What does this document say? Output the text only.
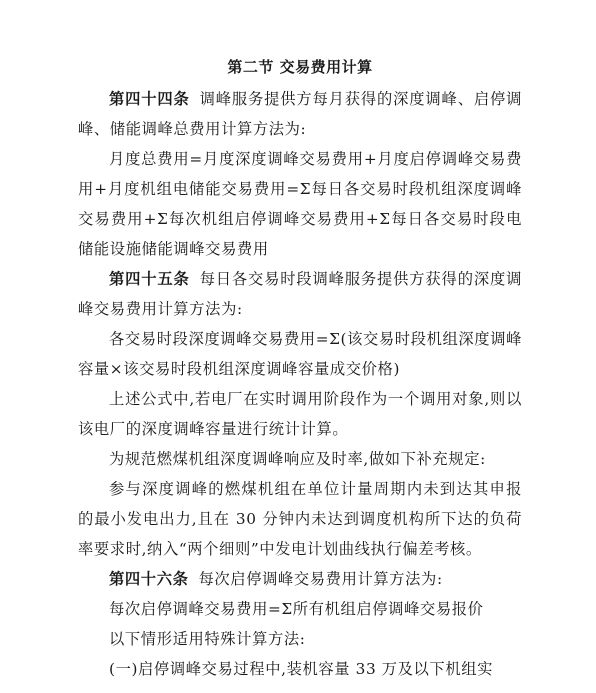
第二节 交易费用计算

第四十四条 调峰服务提供方每月获得的深度调峰、启停调峰、储能调峰总费用计算方法为:

月度总费用=月度深度调峰交易费用+月度启停调峰交易费用+月度机组电储能交易费用=Σ每日各交易时段机组深度调峰交易费用+Σ每次机组启停调峰交易费用+Σ每日各交易时段电储能设施储能调峰交易费用

第四十五条 每日各交易时段调峰服务提供方获得的深度调峰交易费用计算方法为:

各交易时段深度调峰交易费用=Σ(该交易时段机组深度调峰容量×该交易时段机组深度调峰容量成交价格)

上述公式中,若电厂在实时调用阶段作为一个调用对象,则以该电厂的深度调峰容量进行统计计算。

为规范燃煤机组深度调峰响应及时率,做如下补充规定:

参与深度调峰的燃煤机组在单位计量周期内未到达其申报的最小发电出力,且在 30 分钟内未达到调度机构所下达的负荷率要求时,纳入“两个细则”中发电计划曲线执行偏差考核。

第四十六条 每次启停调峰交易费用计算方法为:

每次启停调峰交易费用=Σ所有机组启停调峰交易报价

以下情形适用特殊计算方法:

(一)启停调峰交易过程中,装机容量 33 万及以下机组实
